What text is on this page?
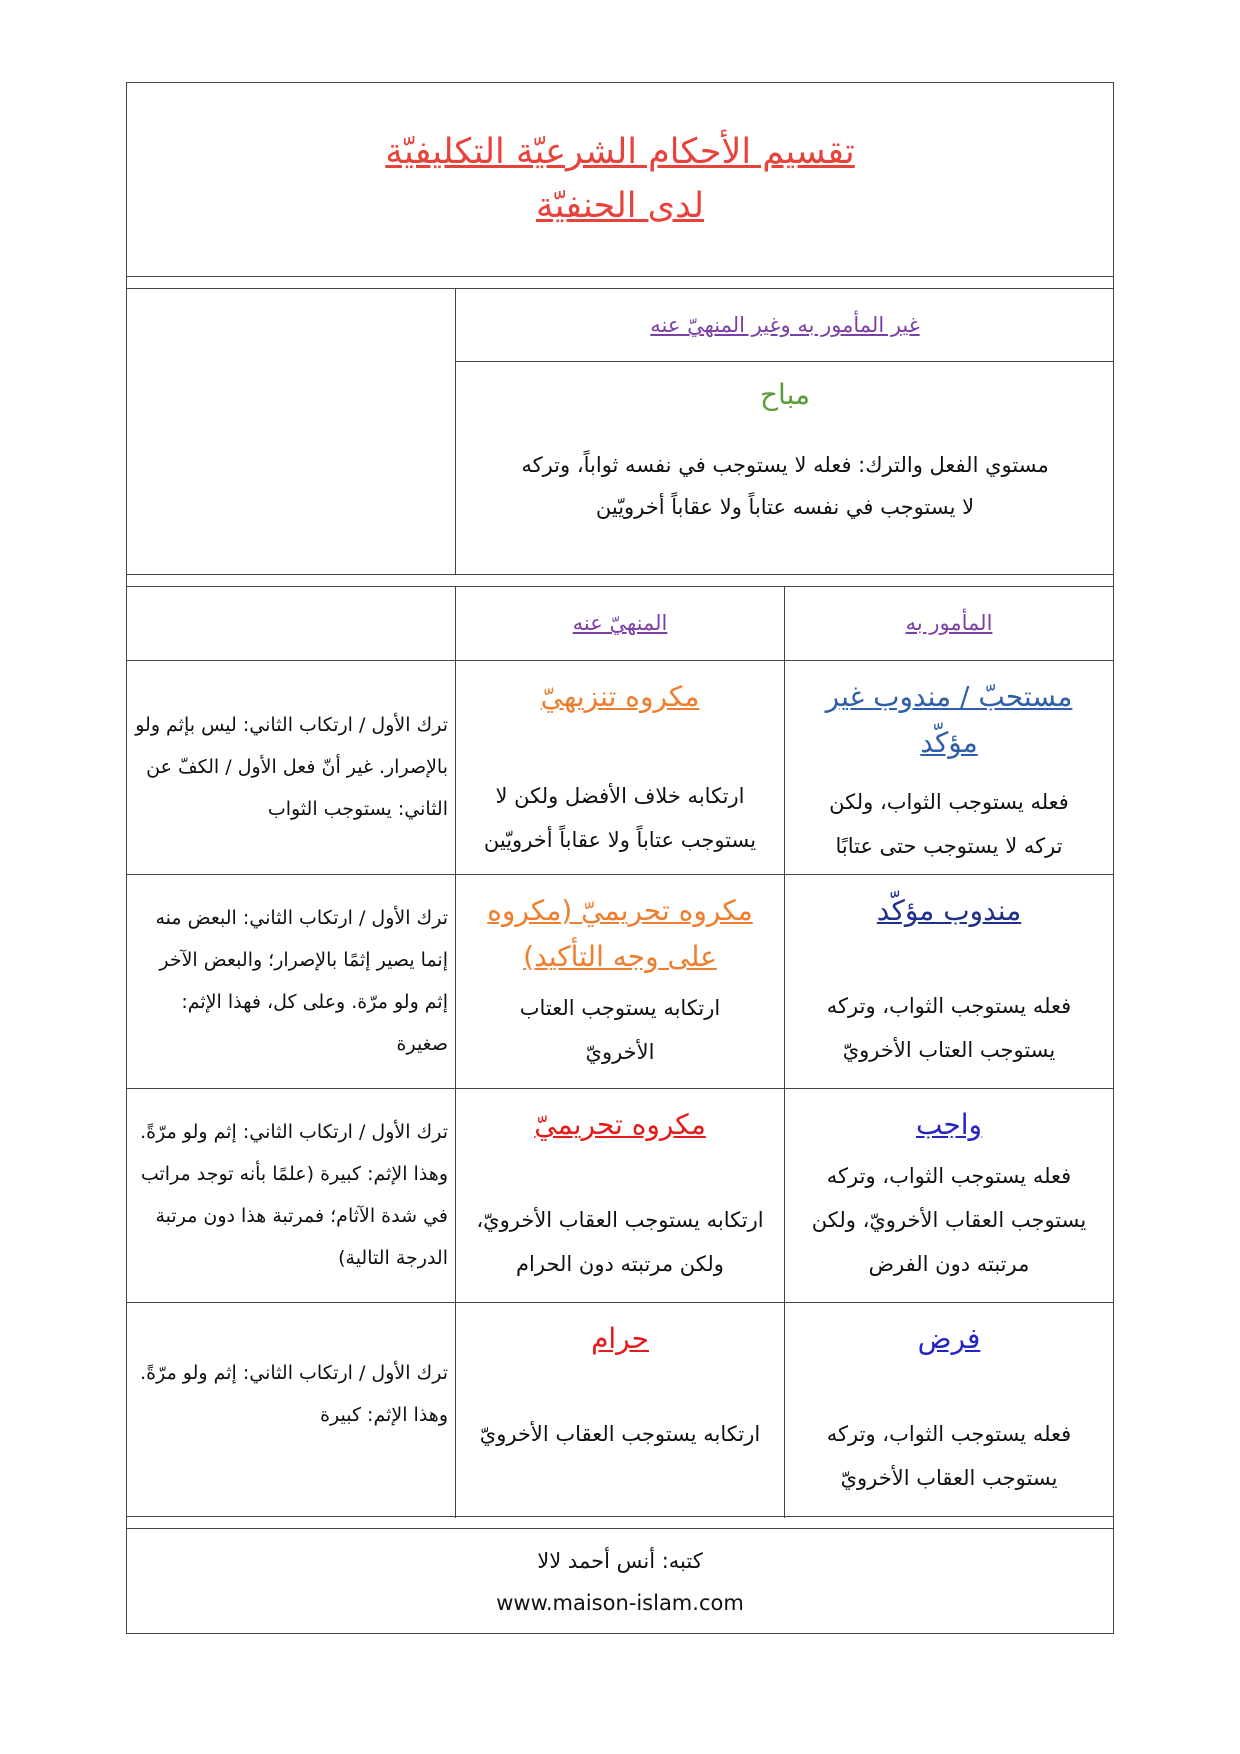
تقسيم الأحكام الشرعيّة التكليفيّة
لدى الحنفيّة
غير المأمور به وغير المنهيّ عنه
مباح
مستوي الفعل والترك: فعله لا يستوجب في نفسه ثواباً، وتركه
لا يستوجب في نفسه عتاباً ولا عقاباً أخرويّين
المأمور به
المنهيّ عنه
مستحبّ / مندوب غير مؤكّد
فعله يستوجب الثواب، ولكن تركه لا يستوجب حتى عتابًا
مكروه تنزيهيّ
ارتكابه خلاف الأفضل ولكن لا يستوجب عتاباً ولا عقاباً أخرويّين
ترك الأول / ارتكاب الثاني: ليس بإثم ولو بالإصرار. غير أنّ فعل الأول / الكفّ عن الثاني: يستوجب الثواب
مندوب مؤكّد
فعله يستوجب الثواب، وتركه يستوجب العتاب الأخرويّ
مكروه تحريميّ (مكروه على وجه التأكيد)
ارتكابه يستوجب العتاب الأخرويّ
ترك الأول / ارتكاب الثاني: البعض منه إنما يصير إثمًا بالإصرار؛ والبعض الآخر إثم ولو مرّة. وعلى كل، فهذا الإثم: صغيرة
واجب
فعله يستوجب الثواب، وتركه يستوجب العقاب الأخرويّ، ولكن مرتبته دون الفرض
مكروه تحريميّ
ارتكابه يستوجب العقاب الأخرويّ، ولكن مرتبته دون الحرام
ترك الأول / ارتكاب الثاني: إثم ولو مرّةً. وهذا الإثم: كبيرة (علمًا بأنه توجد مراتب في شدة الآثام؛ فمرتبة هذا دون مرتبة الدرجة التالية)
فرض
فعله يستوجب الثواب، وتركه يستوجب العقاب الأخرويّ
حرام
ارتكابه يستوجب العقاب الأخرويّ
ترك الأول / ارتكاب الثاني: إثم ولو مرّةً. وهذا الإثم: كبيرة
كتبه: أنس أحمد لالا
www.maison-islam.com
